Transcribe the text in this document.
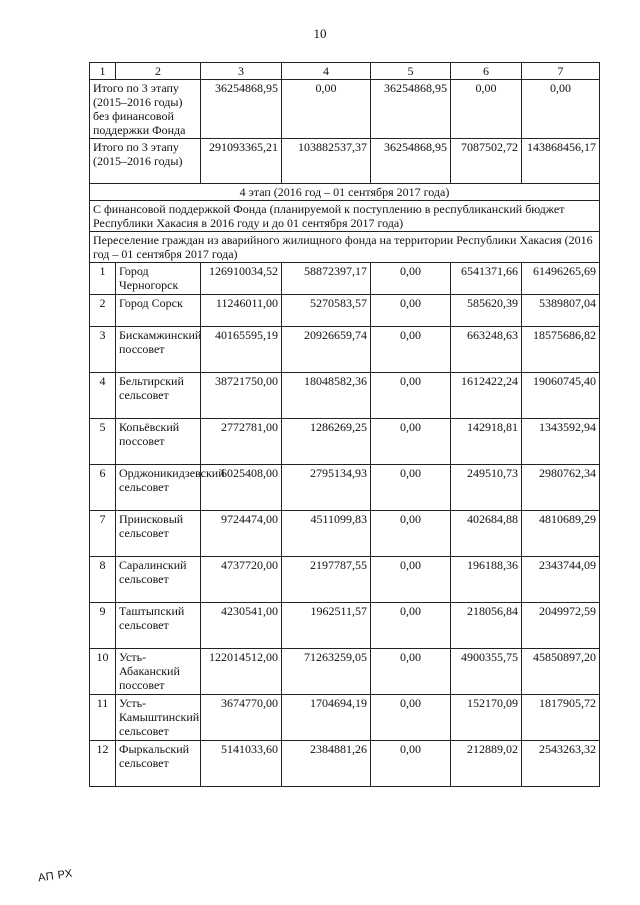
10
1	2	3	4	5	6	7
Итого по 3 этапу (2015–2016 годы) без финансовой поддержки Фонда		36254868,95	0,00	36254868,95	0,00	0,00
Итого по 3 этапу (2015–2016 годы)		291093365,21	103882537,37	36254868,95	7087502,72	143868456,17
4 этап (2016 год – 01 сентября 2017 года)						
С финансовой поддержкой Фонда (планируемой к поступлению в республиканский бюджет Республики Хакасия в 2016 году и до 01 сентября 2017 года)						
Переселение граждан из аварийного жилищного фонда на территории Республики Хакасия (2016 год – 01 сентября 2017 года)						
1	Город Черногорск	126910034,52	58872397,17	0,00	6541371,66	61496265,69
2	Город Сорск	11246011,00	5270583,57	0,00	585620,39	5389807,04
3	Бискамжинский поссовет	40165595,19	20926659,74	0,00	663248,63	18575686,82
4	Бельтирский сельсовет	38721750,00	18048582,36	0,00	1612422,24	19060745,40
5	Копьёвский поссовет	2772781,00	1286269,25	0,00	142918,81	1343592,94
6	Орджоникидзевский сельсовет	6025408,00	2795134,93	0,00	249510,73	2980762,34
7	Приисковый сельсовет	9724474,00	4511099,83	0,00	402684,88	4810689,29
8	Саралинский сельсовет	4737720,00	2197787,55	0,00	196188,36	2343744,09
9	Таштыпский сельсовет	4230541,00	1962511,57	0,00	218056,84	2049972,59
10	Усть-Абаканский поссовет	122014512,00	71263259,05	0,00	4900355,75	45850897,20
11	Усть-Камыштинский сельсовет	3674770,00	1704694,19	0,00	152170,09	1817905,72
12	Фыркальский сельсовет	5141033,60	2384881,26	0,00	212889,02	2543263,32
АП РХ
